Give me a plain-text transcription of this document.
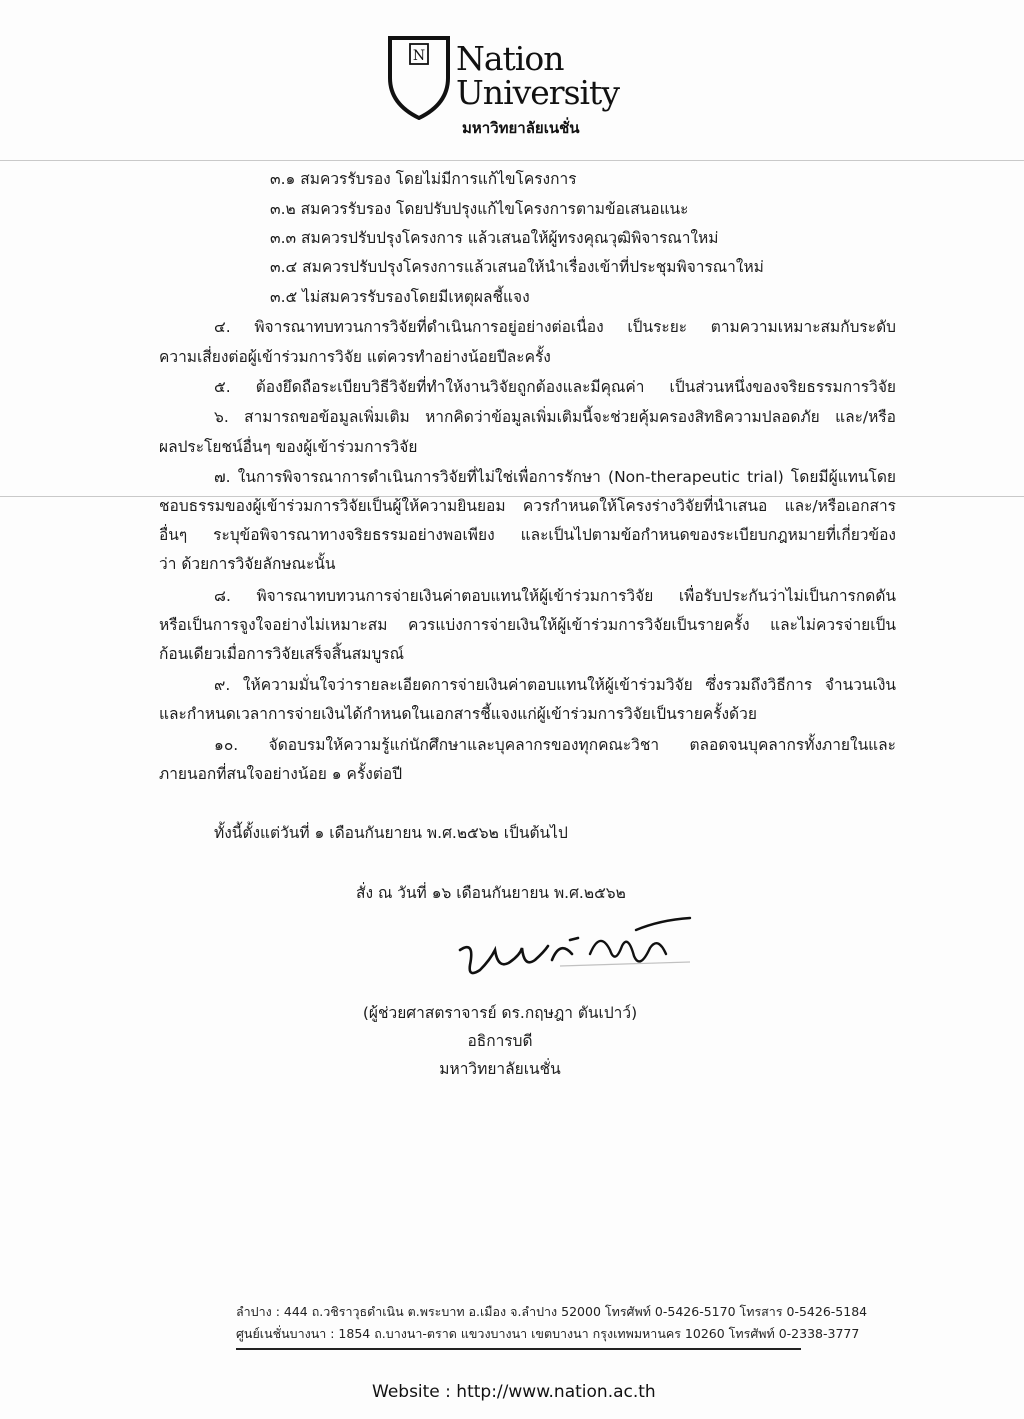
N Nation
University
มหาวิทยาลัยเนชั่น
๓.๑ สมควรรับรอง โดยไม่มีการแก้ไขโครงการ
๓.๒ สมควรรับรอง โดยปรับปรุงแก้ไขโครงการตามข้อเสนอแนะ
๓.๓ สมควรปรับปรุงโครงการ แล้วเสนอให้ผู้ทรงคุณวุฒิพิจารณาใหม่
๓.๔ สมควรปรับปรุงโครงการแล้วเสนอให้นำเรื่องเข้าที่ประชุมพิจารณาใหม่
๓.๕ ไม่สมควรรับรองโดยมีเหตุผลชี้แจง
๔. พิจารณาทบทวนการวิจัยที่ดำเนินการอยู่อย่างต่อเนื่อง เป็นระยะ ตามความเหมาะสมกับระดับ
ความเสี่ยงต่อผู้เข้าร่วมการวิจัย แต่ควรทำอย่างน้อยปีละครั้ง
๕. ต้องยึดถือระเบียบวิธีวิจัยที่ทำให้งานวิจัยถูกต้องและมีคุณค่า เป็นส่วนหนึ่งของจริยธรรมการวิจัย
๖. สามารถขอข้อมูลเพิ่มเติม หากคิดว่าข้อมูลเพิ่มเติมนี้จะช่วยคุ้มครองสิทธิความปลอดภัย และ/หรือ
ผลประโยชน์อื่นๆ ของผู้เข้าร่วมการวิจัย
๗. ในการพิจารณาการดำเนินการวิจัยที่ไม่ใช่เพื่อการรักษา (Non-therapeutic trial) โดยมีผู้แทนโดย
ชอบธรรมของผู้เข้าร่วมการวิจัยเป็นผู้ให้ความยินยอม ควรกำหนดให้โครงร่างวิจัยที่นำเสนอ และ/หรือเอกสาร
อื่นๆ ระบุข้อพิจารณาทางจริยธรรมอย่างพอเพียง และเป็นไปตามข้อกำหนดของระเบียบกฎหมายที่เกี่ยวข้อง
ว่า ด้วยการวิจัยลักษณะนั้น
๘. พิจารณาทบทวนการจ่ายเงินค่าตอบแทนให้ผู้เข้าร่วมการวิจัย เพื่อรับประกันว่าไม่เป็นการกดดัน
หรือเป็นการจูงใจอย่างไม่เหมาะสม ควรแบ่งการจ่ายเงินให้ผู้เข้าร่วมการวิจัยเป็นรายครั้ง และไม่ควรจ่ายเป็น
ก้อนเดียวเมื่อการวิจัยเสร็จสิ้นสมบูรณ์
๙. ให้ความมั่นใจว่ารายละเอียดการจ่ายเงินค่าตอบแทนให้ผู้เข้าร่วมวิจัย ซึ่งรวมถึงวิธีการ จำนวนเงิน
และกำหนดเวลาการจ่ายเงินได้กำหนดในเอกสารชี้แจงแก่ผู้เข้าร่วมการวิจัยเป็นรายครั้งด้วย
๑๐. จัดอบรมให้ความรู้แก่นักศึกษาและบุคลากรของทุกคณะวิชา ตลอดจนบุคลากรทั้งภายในและ
ภายนอกที่สนใจอย่างน้อย ๑ ครั้งต่อปี
ทั้งนี้ตั้งแต่วันที่ ๑ เดือนกันยายน พ.ศ.๒๕๖๒ เป็นต้นไป
สั่ง ณ วันที่ ๑๖ เดือนกันยายน พ.ศ.๒๕๖๒
(ผู้ช่วยศาสตราจารย์ ดร.กฤษฎา ตันเปาว์)
อธิการบดี
มหาวิทยาลัยเนชั่น
ลำปาง : 444 ถ.วชิราวุธดำเนิน ต.พระบาท อ.เมือง จ.ลำปาง 52000 โทรศัพท์ 0-5426-5170 โทรสาร 0-5426-5184
ศูนย์เนชั่นบางนา : 1854 ถ.บางนา-ตราด แขวงบางนา เขตบางนา กรุงเทพมหานคร 10260 โทรศัพท์ 0-2338-3777
Website : http://www.nation.ac.th
